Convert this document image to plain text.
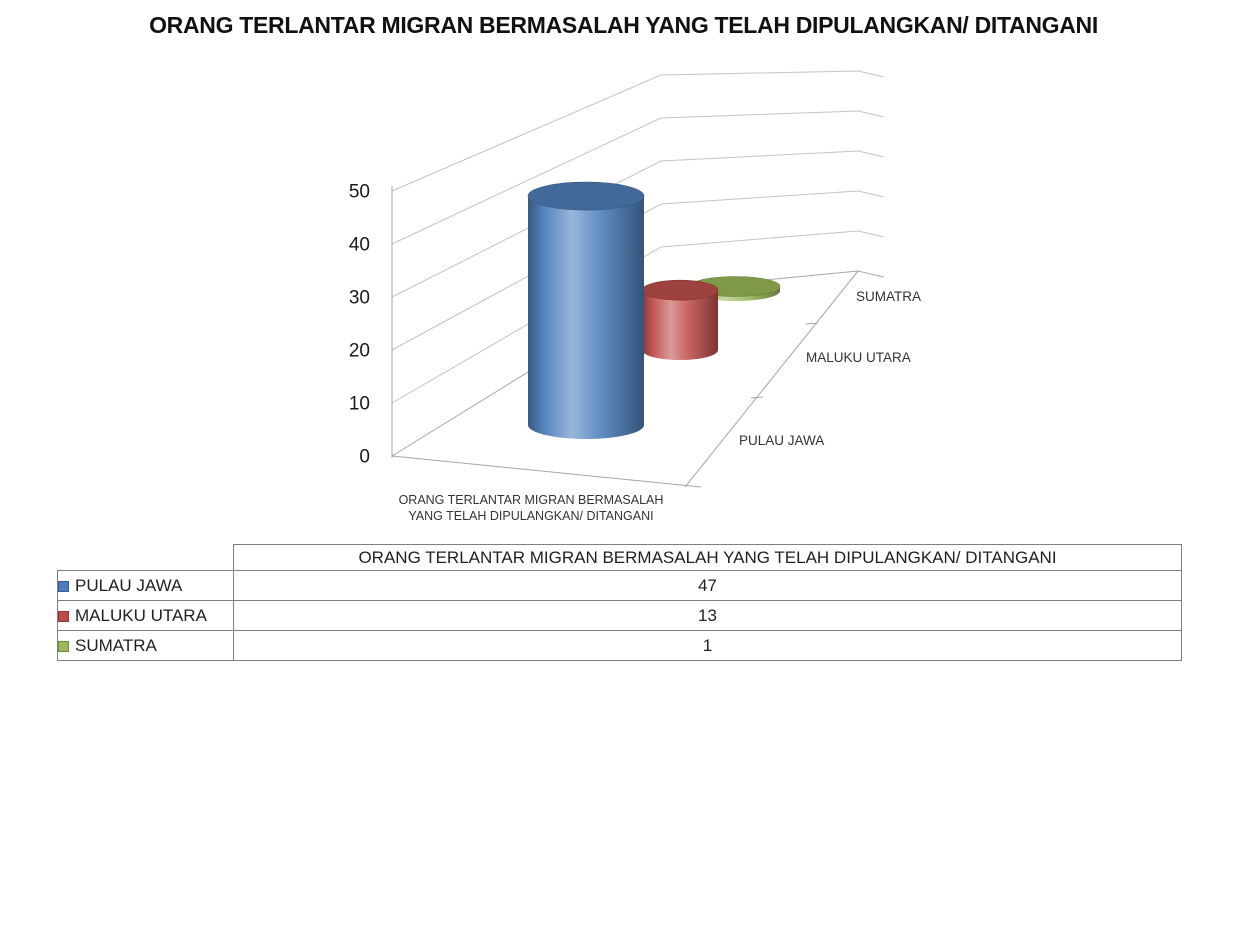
ORANG TERLANTAR MIGRAN BERMASALAH YANG TELAH DIPULANGKAN/ DITANGANI
0
10
20
30
40
50
PULAU JAWA
MALUKU UTARA
SUMATRA
ORANG TERLANTAR MIGRAN BERMASALAH
YANG TELAH DIPULANGKAN/ DITANGANI
	ORANG TERLANTAR MIGRAN BERMASALAH YANG TELAH DIPULANGKAN/ DITANGANI
PULAU JAWA	47
MALUKU UTARA	13
SUMATRA	1
